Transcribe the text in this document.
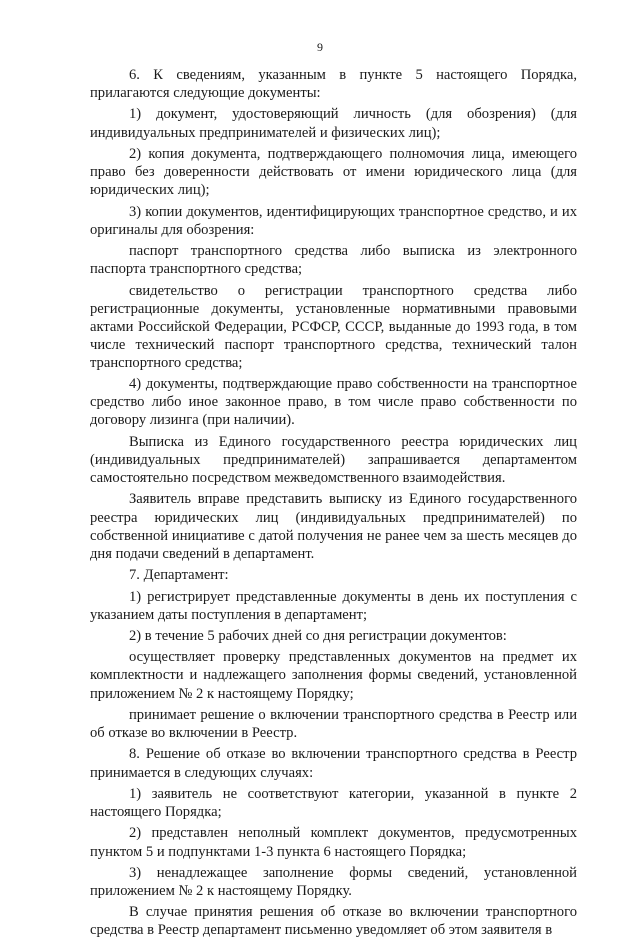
9

6. К сведениям, указанным в пункте 5 настоящего Порядка, прилагаются следующие документы:

1) документ, удостоверяющий личность (для обозрения) (для индивидуальных предпринимателей и физических лиц);

2) копия документа, подтверждающего полномочия лица, имеющего право без доверенности действовать от имени юридического лица (для юридических лиц);

3) копии документов, идентифицирующих транспортное средство, и их оригиналы для обозрения:

паспорт транспортного средства либо выписка из электронного паспорта транспортного средства;

свидетельство о регистрации транспортного средства либо регистрационные документы, установленные нормативными правовыми актами Российской Федерации, РСФСР, СССР, выданные до 1993 года, в том числе технический паспорт транспортного средства, технический талон транспортного средства;

4) документы, подтверждающие право собственности на транспортное средство либо иное законное право, в том числе право собственности по договору лизинга (при наличии).

Выписка из Единого государственного реестра юридических лиц (индивидуальных предпринимателей) запрашивается департаментом самостоятельно посредством межведомственного взаимодействия.

Заявитель вправе представить выписку из Единого государственного реестра юридических лиц (индивидуальных предпринимателей) по собственной инициативе с датой получения не ранее чем за шесть месяцев до дня подачи сведений в департамент.

7. Департамент:

1) регистрирует представленные документы в день их поступления с указанием даты поступления в департамент;

2) в течение 5 рабочих дней со дня регистрации документов:

осуществляет проверку представленных документов на предмет их комплектности и надлежащего заполнения формы сведений, установленной приложением № 2 к настоящему Порядку;

принимает решение о включении транспортного средства в Реестр или об отказе во включении в Реестр.

8. Решение об отказе во включении транспортного средства в Реестр принимается в следующих случаях:

1) заявитель не соответствуют категории, указанной в пункте 2 настоящего Порядка;

2) представлен неполный комплект документов, предусмотренных пунктом 5 и подпунктами 1-3 пункта 6 настоящего Порядка;

3) ненадлежащее заполнение формы сведений, установленной приложением № 2 к настоящему Порядку.

В случае принятия решения об отказе во включении транспортного средства в Реестр департамент письменно уведомляет об этом заявителя в
